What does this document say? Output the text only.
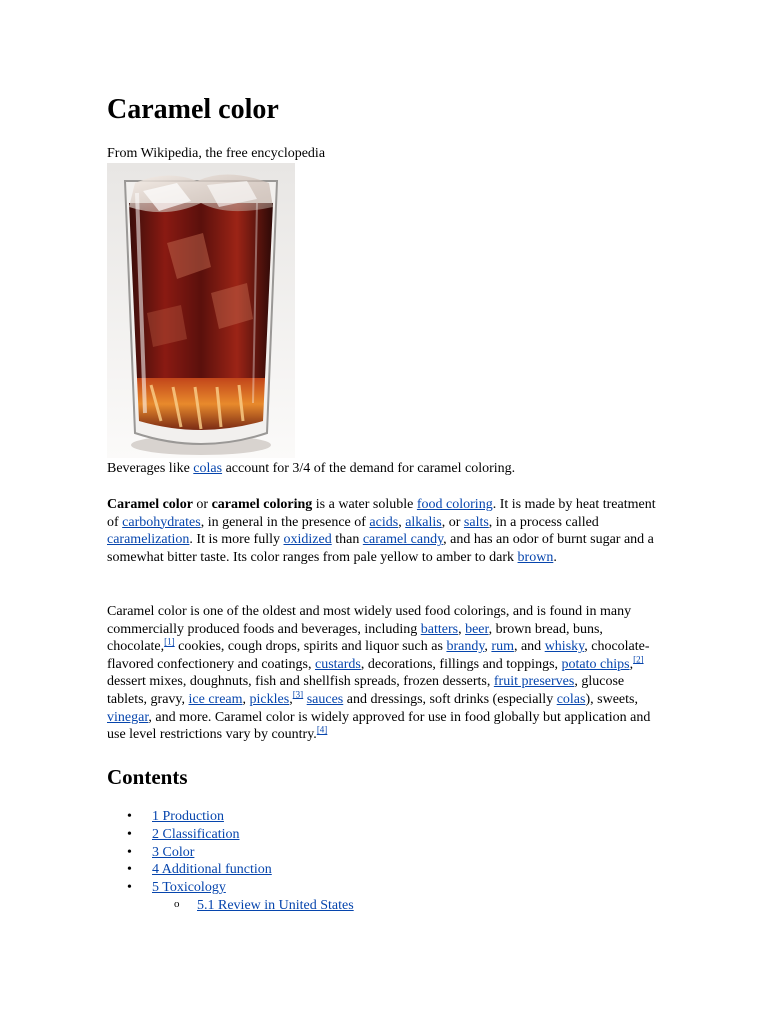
Caramel color
From Wikipedia, the free encyclopedia
Beverages like colas account for 3/4 of the demand for caramel coloring.

Caramel color or caramel coloring is a water soluble food coloring. It is made by heat treatment of carbohydrates, in general in the presence of acids, alkalis, or salts, in a process called caramelization. It is more fully oxidized than caramel candy, and has an odor of burnt sugar and a somewhat bitter taste. Its color ranges from pale yellow to amber to dark brown.

Caramel color is one of the oldest and most widely used food colorings, and is found in many commercially produced foods and beverages, including batters, beer, brown bread, buns, chocolate,[1] cookies, cough drops, spirits and liquor such as brandy, rum, and whisky, chocolate-flavored confectionery and coatings, custards, decorations, fillings and toppings, potato chips,[2] dessert mixes, doughnuts, fish and shellfish spreads, frozen desserts, fruit preserves, glucose tablets, gravy, ice cream, pickles,[3] sauces and dressings, soft drinks (especially colas), sweets, vinegar, and more. Caramel color is widely approved for use in food globally but application and use level restrictions vary by country.[4]

Contents
• 1 Production
• 2 Classification
• 3 Color
• 4 Additional function
• 5 Toxicology
o 5.1 Review in United States
